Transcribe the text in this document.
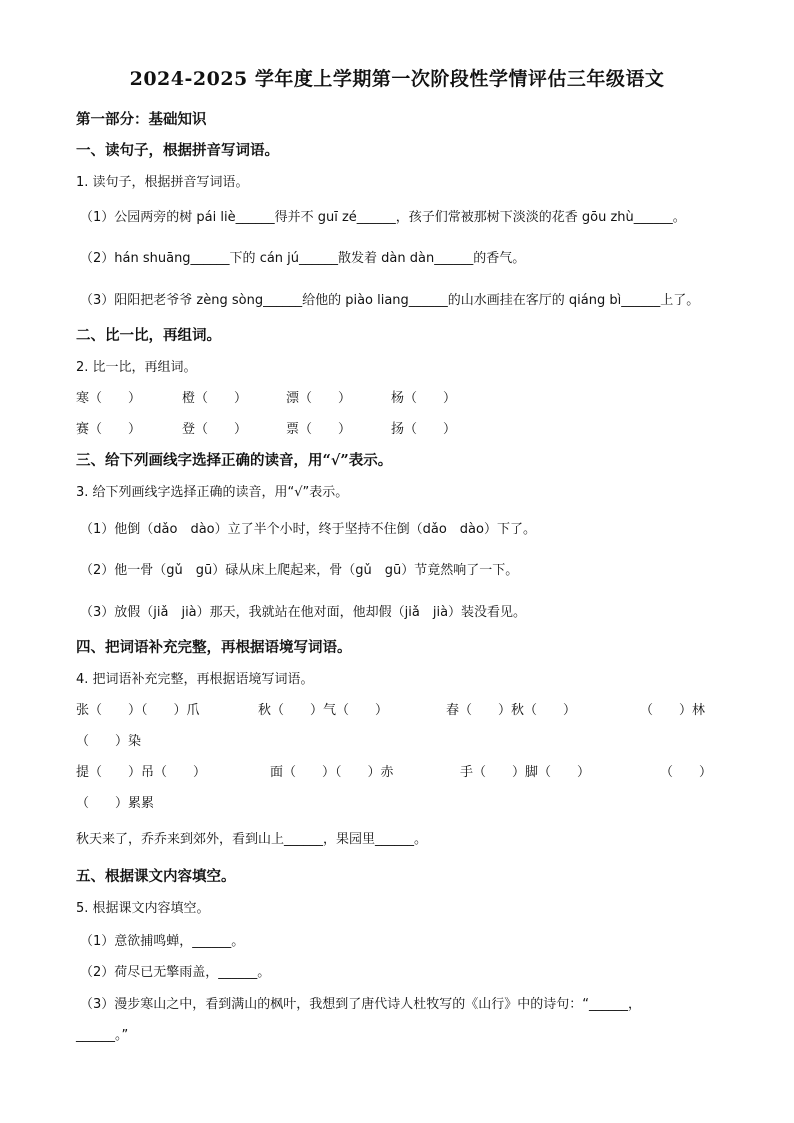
2024-2025 学年度上学期第一次阶段性学情评估三年级语文
第一部分：基础知识
一、读句子，根据拼音写词语。
1. 读句子，根据拼音写词语。
（1）公园两旁的树 pái liè______得并不 guī zé______，孩子们常被那树下淡淡的花香 gōu zhù______。
（2）hán shuāng______下的 cán jú______散发着 dàn dàn______的香气。
（3）阳阳把老爷爷 zèng sòng______给他的 piào liang______的山水画挂在客厅的 qiáng bì______上了。
二、比一比，再组词。
2. 比一比，再组词。
寒（　　）	橙（　　）	漂（　　）	杨（　　）
赛（　　）	登（　　）	票（　　）	扬（　　）
三、给下列画线字选择正确的读音，用“√”表示。
3. 给下列画线字选择正确的读音，用“√”表示。
（1）他倒（dǎo　dào）立了半个小时，终于坚持不住倒（dǎo　dào）下了。
（2）他一骨（gǔ　gū）碌从床上爬起来，骨（gǔ　gū）节竟然响了一下。
（3）放假（jiǎ　jià）那天，我就站在他对面，他却假（jiǎ　jià）装没看见。
四、把词语补充完整，再根据语境写词语。
4. 把词语补充完整，再根据语境写词语。
张（　　）（　　）爪	秋（　　）气（　　）	春（　　）秋（　　）	（　　）林
（　　）染
提（　　）吊（　　）	面（　　）（　　）赤	手（　　）脚（　　）	（　　）
（　　）累累
秋天来了，乔乔来到郊外，看到山上______，果园里______。
五、根据课文内容填空。
5. 根据课文内容填空。
（1）意欲捕鸣蝉，______。
（2）荷尽已无擎雨盖，______。
（3）漫步寒山之中，看到满山的枫叶，我想到了唐代诗人杜牧写的《山行》中的诗句：“______，
______。”
